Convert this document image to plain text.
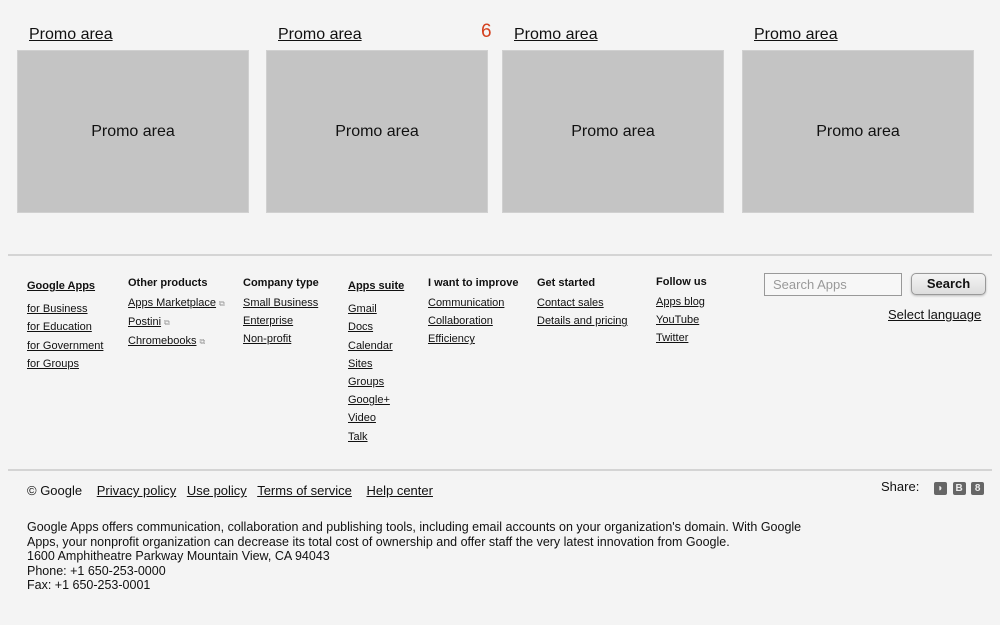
Promo area	Promo area	6 Promo area	Promo area
Promo area	Promo area	Promo area	Promo area
Google Apps
for Business
for Education
for Government
for Groups
Other products
Apps Marketplace ⧉
Postini ⧉
Chromebooks ⧉
Company type
Small Business
Enterprise
Non-profit
Apps suite
Gmail
Docs
Calendar
Sites
Groups
Google+
Video
Talk
I want to improve
Communication
Collaboration
Efficiency
Get started
Contact sales
Details and pricing
Follow us
Apps blog
YouTube
Twitter
Search Apps	Search
Select language
© Google Privacy policy Use policy Terms of service Help center	Share: ◗ B 8
Google Apps offers communication, collaboration and publishing tools, including email accounts on your organization's domain. With Google Apps, your nonprofit organization can decrease its total cost of ownership and offer staff the very latest innovation from Google.
1600 Amphitheatre Parkway Mountain View, CA 94043
Phone: +1 650-253-0000
Fax: +1 650-253-0001
